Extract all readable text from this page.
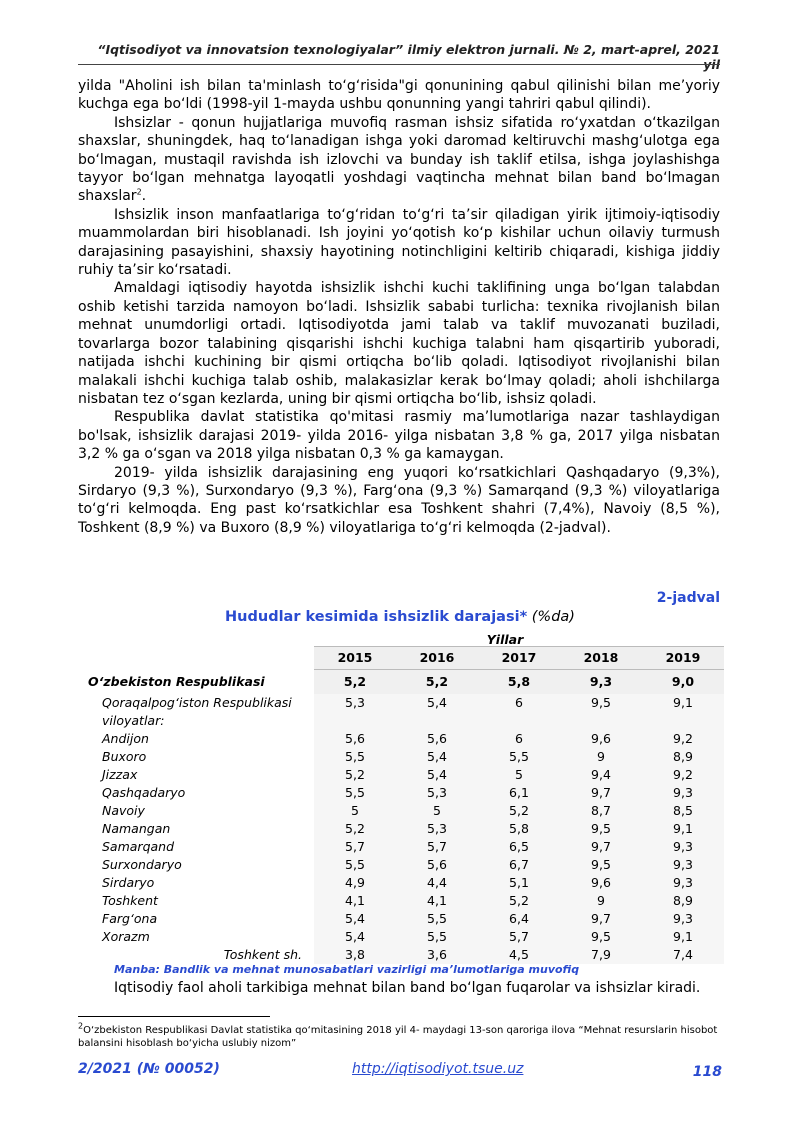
“Iqtisodiyot va innovatsion texnologiyalar” ilmiy elektron jurnali. № 2, mart-aprel, 2021 yil

yilda "Aholini ish bilan ta'minlash to‘g‘risida"gi qonunining qabul qilinishi bilan me’yoriy kuchga ega bo‘ldi (1998-yil 1-mayda ushbu qonunning yangi tahriri qabul qilindi).

Ishsizlar - qonun hujjatlariga muvofiq rasman ishsiz sifatida ro‘yxatdan o‘tkazilgan shaxslar, shuningdek, haq to‘lanadigan ishga yoki daromad keltiruvchi mashg‘ulotga ega bo‘lmagan, mustaqil ravishda ish izlovchi va bunday ish taklif etilsa, ishga joylashishga tayyor bo‘lgan mehnatga layoqatli yoshdagi vaqtincha mehnat bilan band bo‘lmagan shaxslar$^2$.

Ishsizlik inson manfaatlariga to‘g‘ridan to‘g‘ri ta’sir qiladigan yirik ijtimoiy-iqtisodiy muammolardan biri hisoblanadi. Ish joyini yo‘qotish ko‘p kishilar uchun oilaviy turmush darajasining pasayishini, shaxsiy hayotining notinchligini keltirib chiqaradi, kishiga jiddiy ruhiy ta’sir ko‘rsatadi.

Amaldagi iqtisodiy hayotda ishsizlik ishchi kuchi taklifining unga bo‘lgan talabdan oshib ketishi tarzida namoyon bo‘ladi. Ishsizlik sababi turlicha: texnika rivojlanish bilan mehnat unumdorligi ortadi. Iqtisodiyotda jami talab va taklif muvozanati buziladi, tovarlarga bozor talabining qisqarishi ishchi kuchiga talabni ham qisqartirib yuboradi, natijada ishchi kuchining bir qismi ortiqcha bo‘lib qoladi. Iqtisodiyot rivojlanishi bilan malakali ishchi kuchiga talab oshib, malakasizlar kerak bo‘lmay qoladi; aholi ishchilarga nisbatan tez o‘sgan kezlarda, uning bir qismi ortiqcha bo‘lib, ishsiz qoladi.

Respublika davlat statistika qo'mitasi rasmiy ma’lumotlariga nazar tashlaydigan bo'lsak, ishsizlik darajasi 2019- yilda 2016- yilga nisbatan 3,8 % ga, 2017 yilga nisbatan 3,2 % ga o‘sgan va 2018 yilga nisbatan 0,3 % ga kamaygan.

2019- yilda ishsizlik darajasining eng yuqori ko‘rsatkichlari Qashqadaryo (9,3%), Sirdaryo (9,3 %), Surxondaryo (9,3 %), Farg‘ona (9,3 %) Samarqand (9,3 %) viloyatlariga to‘g‘ri kelmoqda. Eng past ko‘rsatkichlar esa Toshkent shahri (7,4%), Navoiy (8,5 %), Toshkent (8,9 %) va Buxoro (8,9 %) viloyatlariga to‘g‘ri kelmoqda (2-jadval).

2-jadval
Hududlar kesimida ishsizlik darajasi* (%da)
Yillar
	2015	2016	2017	2018	2019
O‘zbekiston Respublikasi	5,2	5,2	5,8	9,3	9,0
Qoraqalpog‘iston Respublikasi	5,3	5,4	6	9,5	9,1
viloyatlar:					
Andijon	5,6	5,6	6	9,6	9,2
Buxoro	5,5	5,4	5,5	9	8,9
Jizzax	5,2	5,4	5	9,4	9,2
Qashqadaryo	5,5	5,3	6,1	9,7	9,3
Navoiy	5	5	5,2	8,7	8,5
Namangan	5,2	5,3	5,8	9,5	9,1
Samarqand	5,7	5,7	6,5	9,7	9,3
Surxondaryo	5,5	5,6	6,7	9,5	9,3
Sirdaryo	4,9	4,4	5,1	9,6	9,3
Toshkent	4,1	4,1	5,2	9	8,9
Farg‘ona	5,4	5,5	6,4	9,7	9,3
Xorazm	5,4	5,5	5,7	9,5	9,1
Toshkent sh.	3,8	3,6	4,5	7,9	7,4
Manba: Bandlik va mehnat munosabatlari vazirligi ma’lumotlariga muvofiq
Iqtisodiy faol aholi tarkibiga mehnat bilan band bo‘lgan fuqarolar va ishsizlar kiradi.
$^2$O‘zbekiston Respublikasi Davlat statistika qo‘mitasining 2018 yil 4- maydagi 13-son qaroriga ilova “Mehnat resurslarin hisobot balansini hisoblash bo‘yicha uslubiy nizom”
2/2021 (№ 00052)	http://iqtisodiyot.tsue.uz	118
